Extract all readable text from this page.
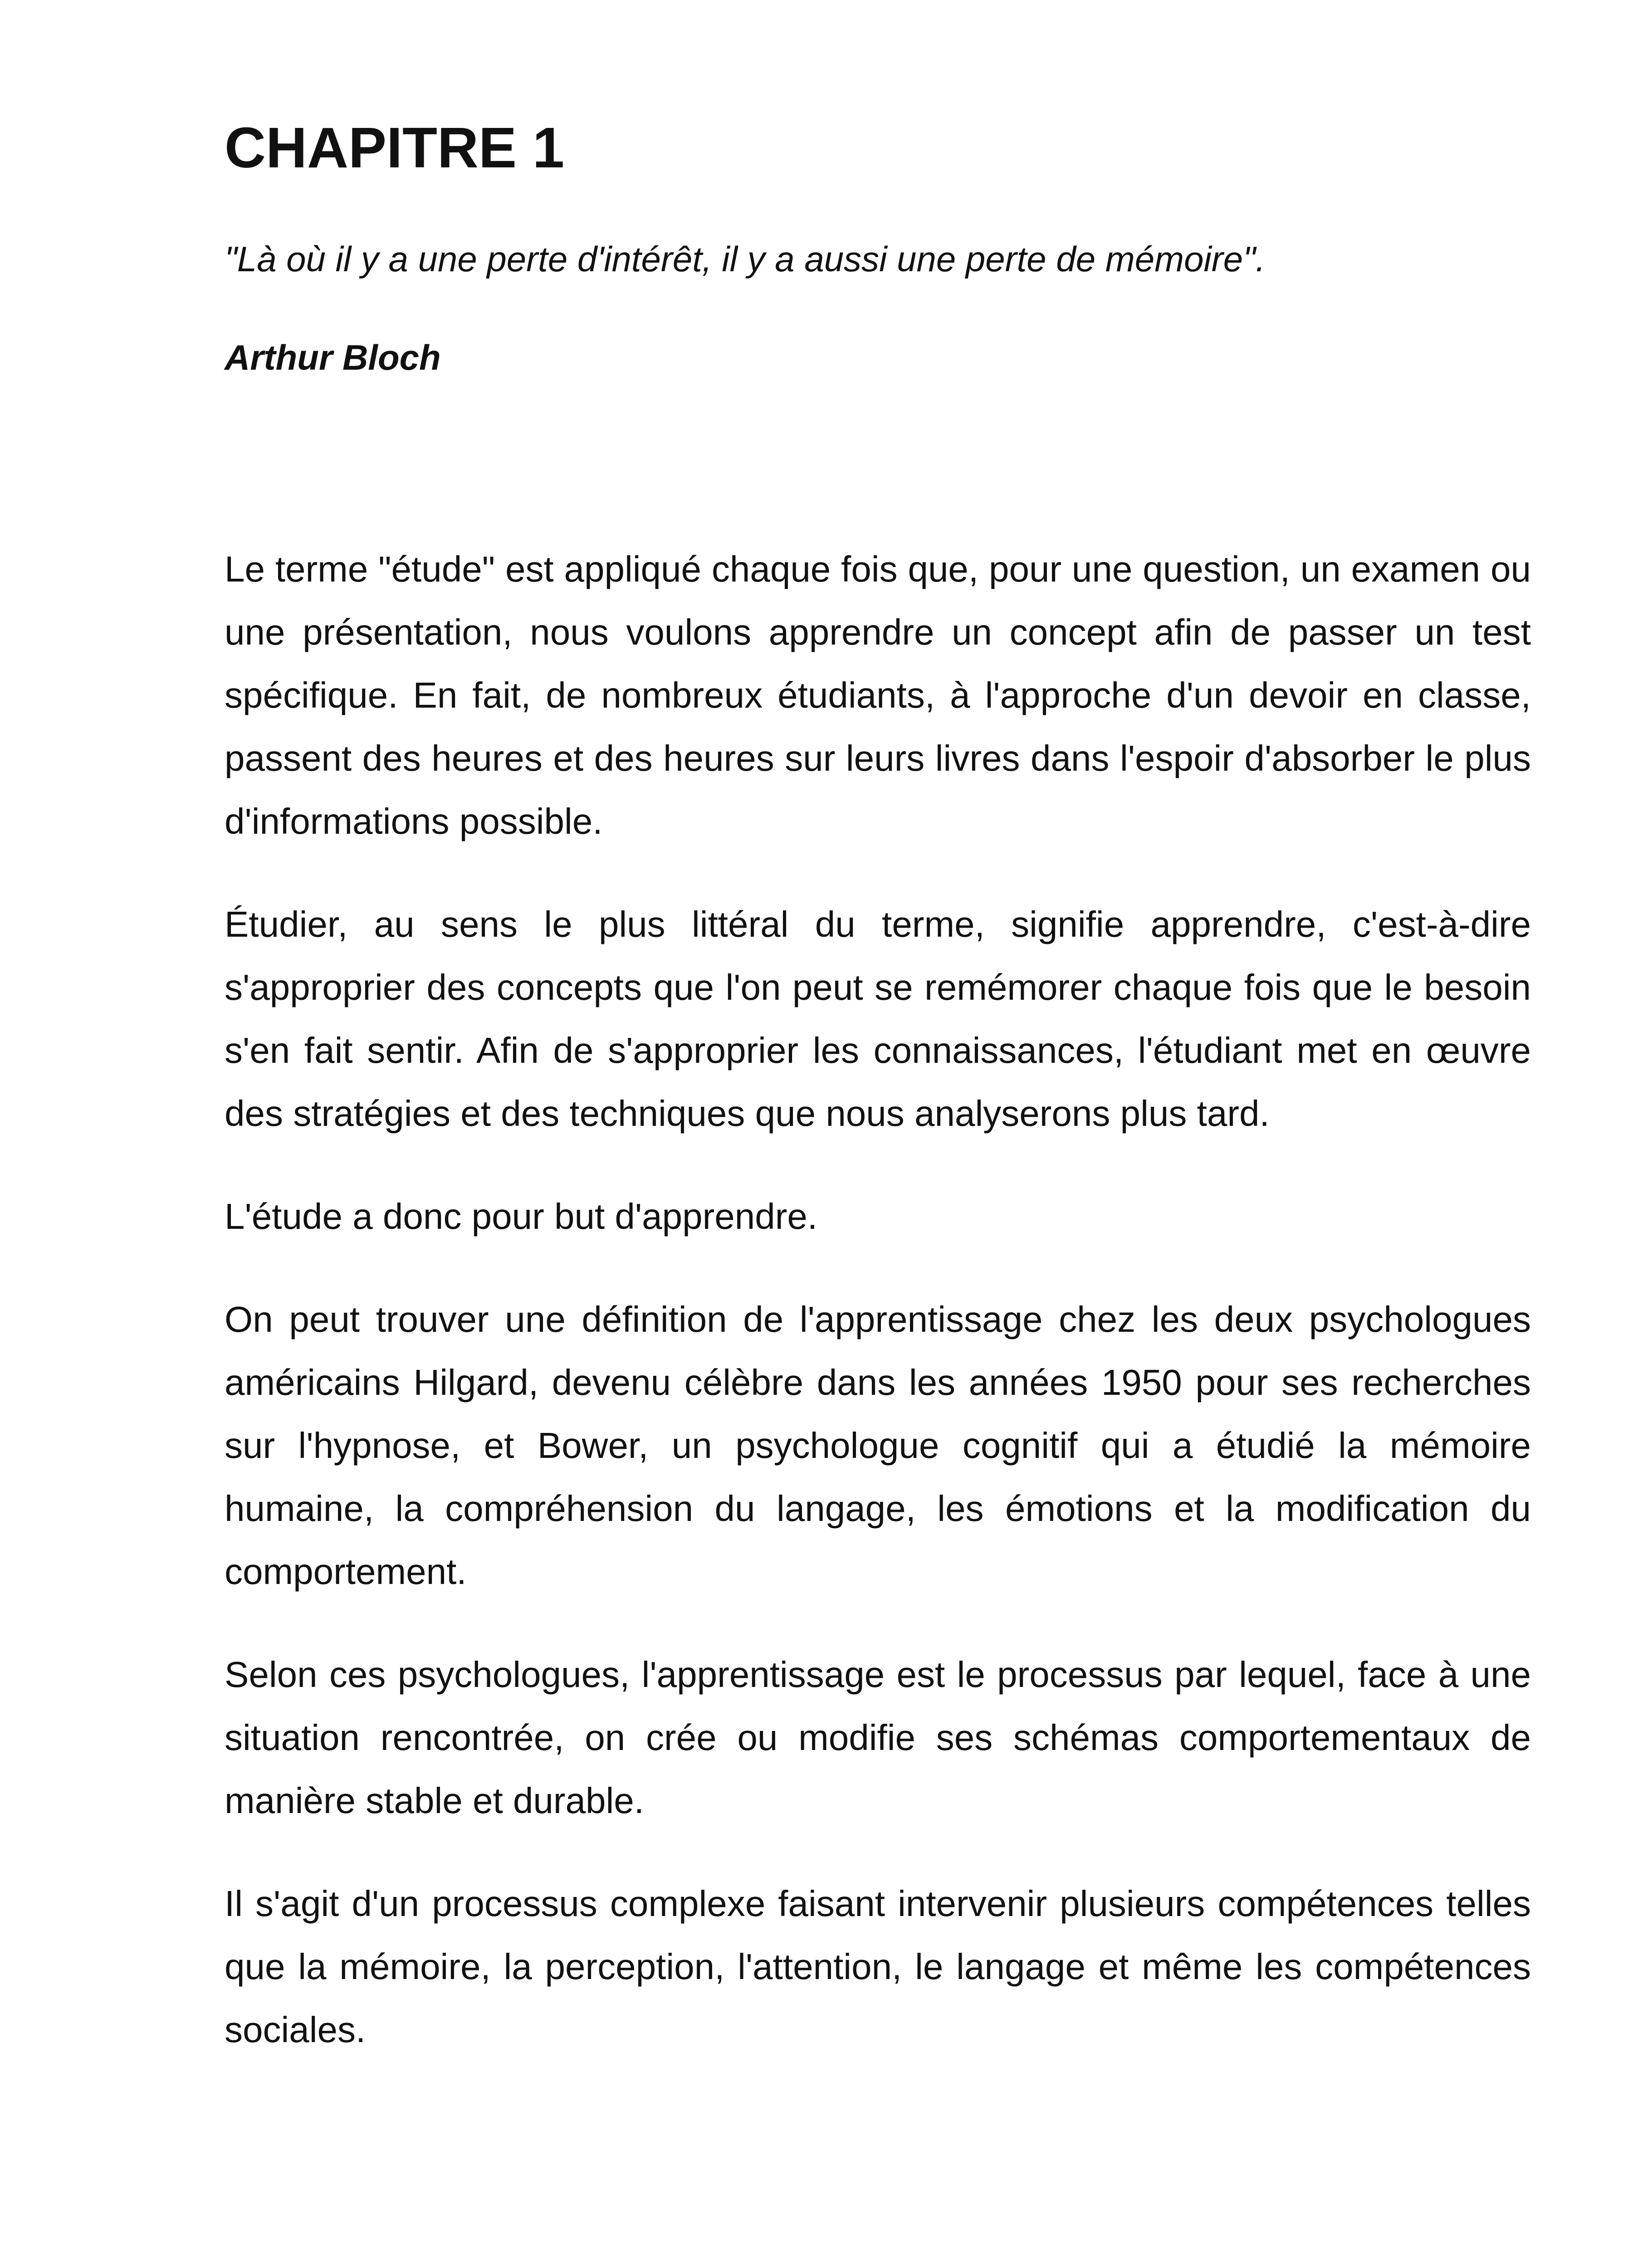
CHAPITRE 1

"Là où il y a une perte d'intérêt, il y a aussi une perte de mémoire".

Arthur Bloch

Le terme "étude" est appliqué chaque fois que, pour une question, un examen ou une présentation, nous voulons apprendre un concept afin de passer un test spécifique. En fait, de nombreux étudiants, à l'approche d'un devoir en classe, passent des heures et des heures sur leurs livres dans l'espoir d'absorber le plus d'informations possible.

Étudier, au sens le plus littéral du terme, signifie apprendre, c'est-à-dire s'approprier des concepts que l'on peut se remémorer chaque fois que le besoin s'en fait sentir. Afin de s'approprier les connaissances, l'étudiant met en œuvre des stratégies et des techniques que nous analyserons plus tard.

L'étude a donc pour but d'apprendre.

On peut trouver une définition de l'apprentissage chez les deux psychologues américains Hilgard, devenu célèbre dans les années 1950 pour ses recherches sur l'hypnose, et Bower, un psychologue cognitif qui a étudié la mémoire humaine, la compréhension du langage, les émotions et la modification du comportement.

Selon ces psychologues, l'apprentissage est le processus par lequel, face à une situation rencontrée, on crée ou modifie ses schémas comportementaux de manière stable et durable.

Il s'agit d'un processus complexe faisant intervenir plusieurs compétences telles que la mémoire, la perception, l'attention, le langage et même les compétences sociales.
